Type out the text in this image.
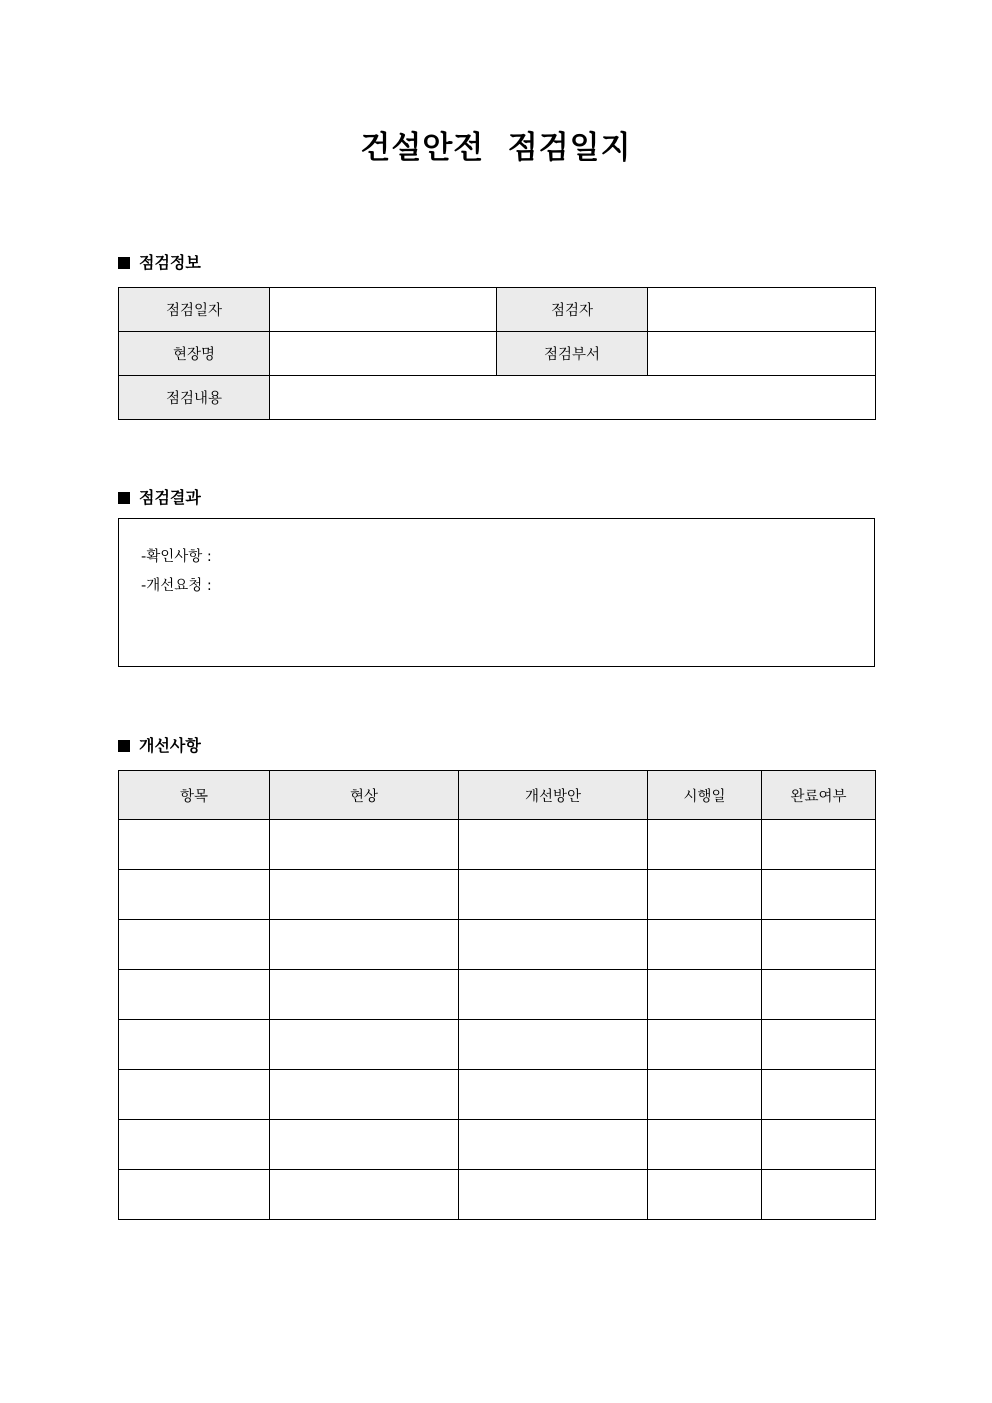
건설안전  점검일지
점검정보
점검일자		점검자	
현장명		점검부서	
점검내용			
점검결과
-확인사항 :
-개선요청 :
개선사항
항목	현상	개선방안	시행일	완료여부
